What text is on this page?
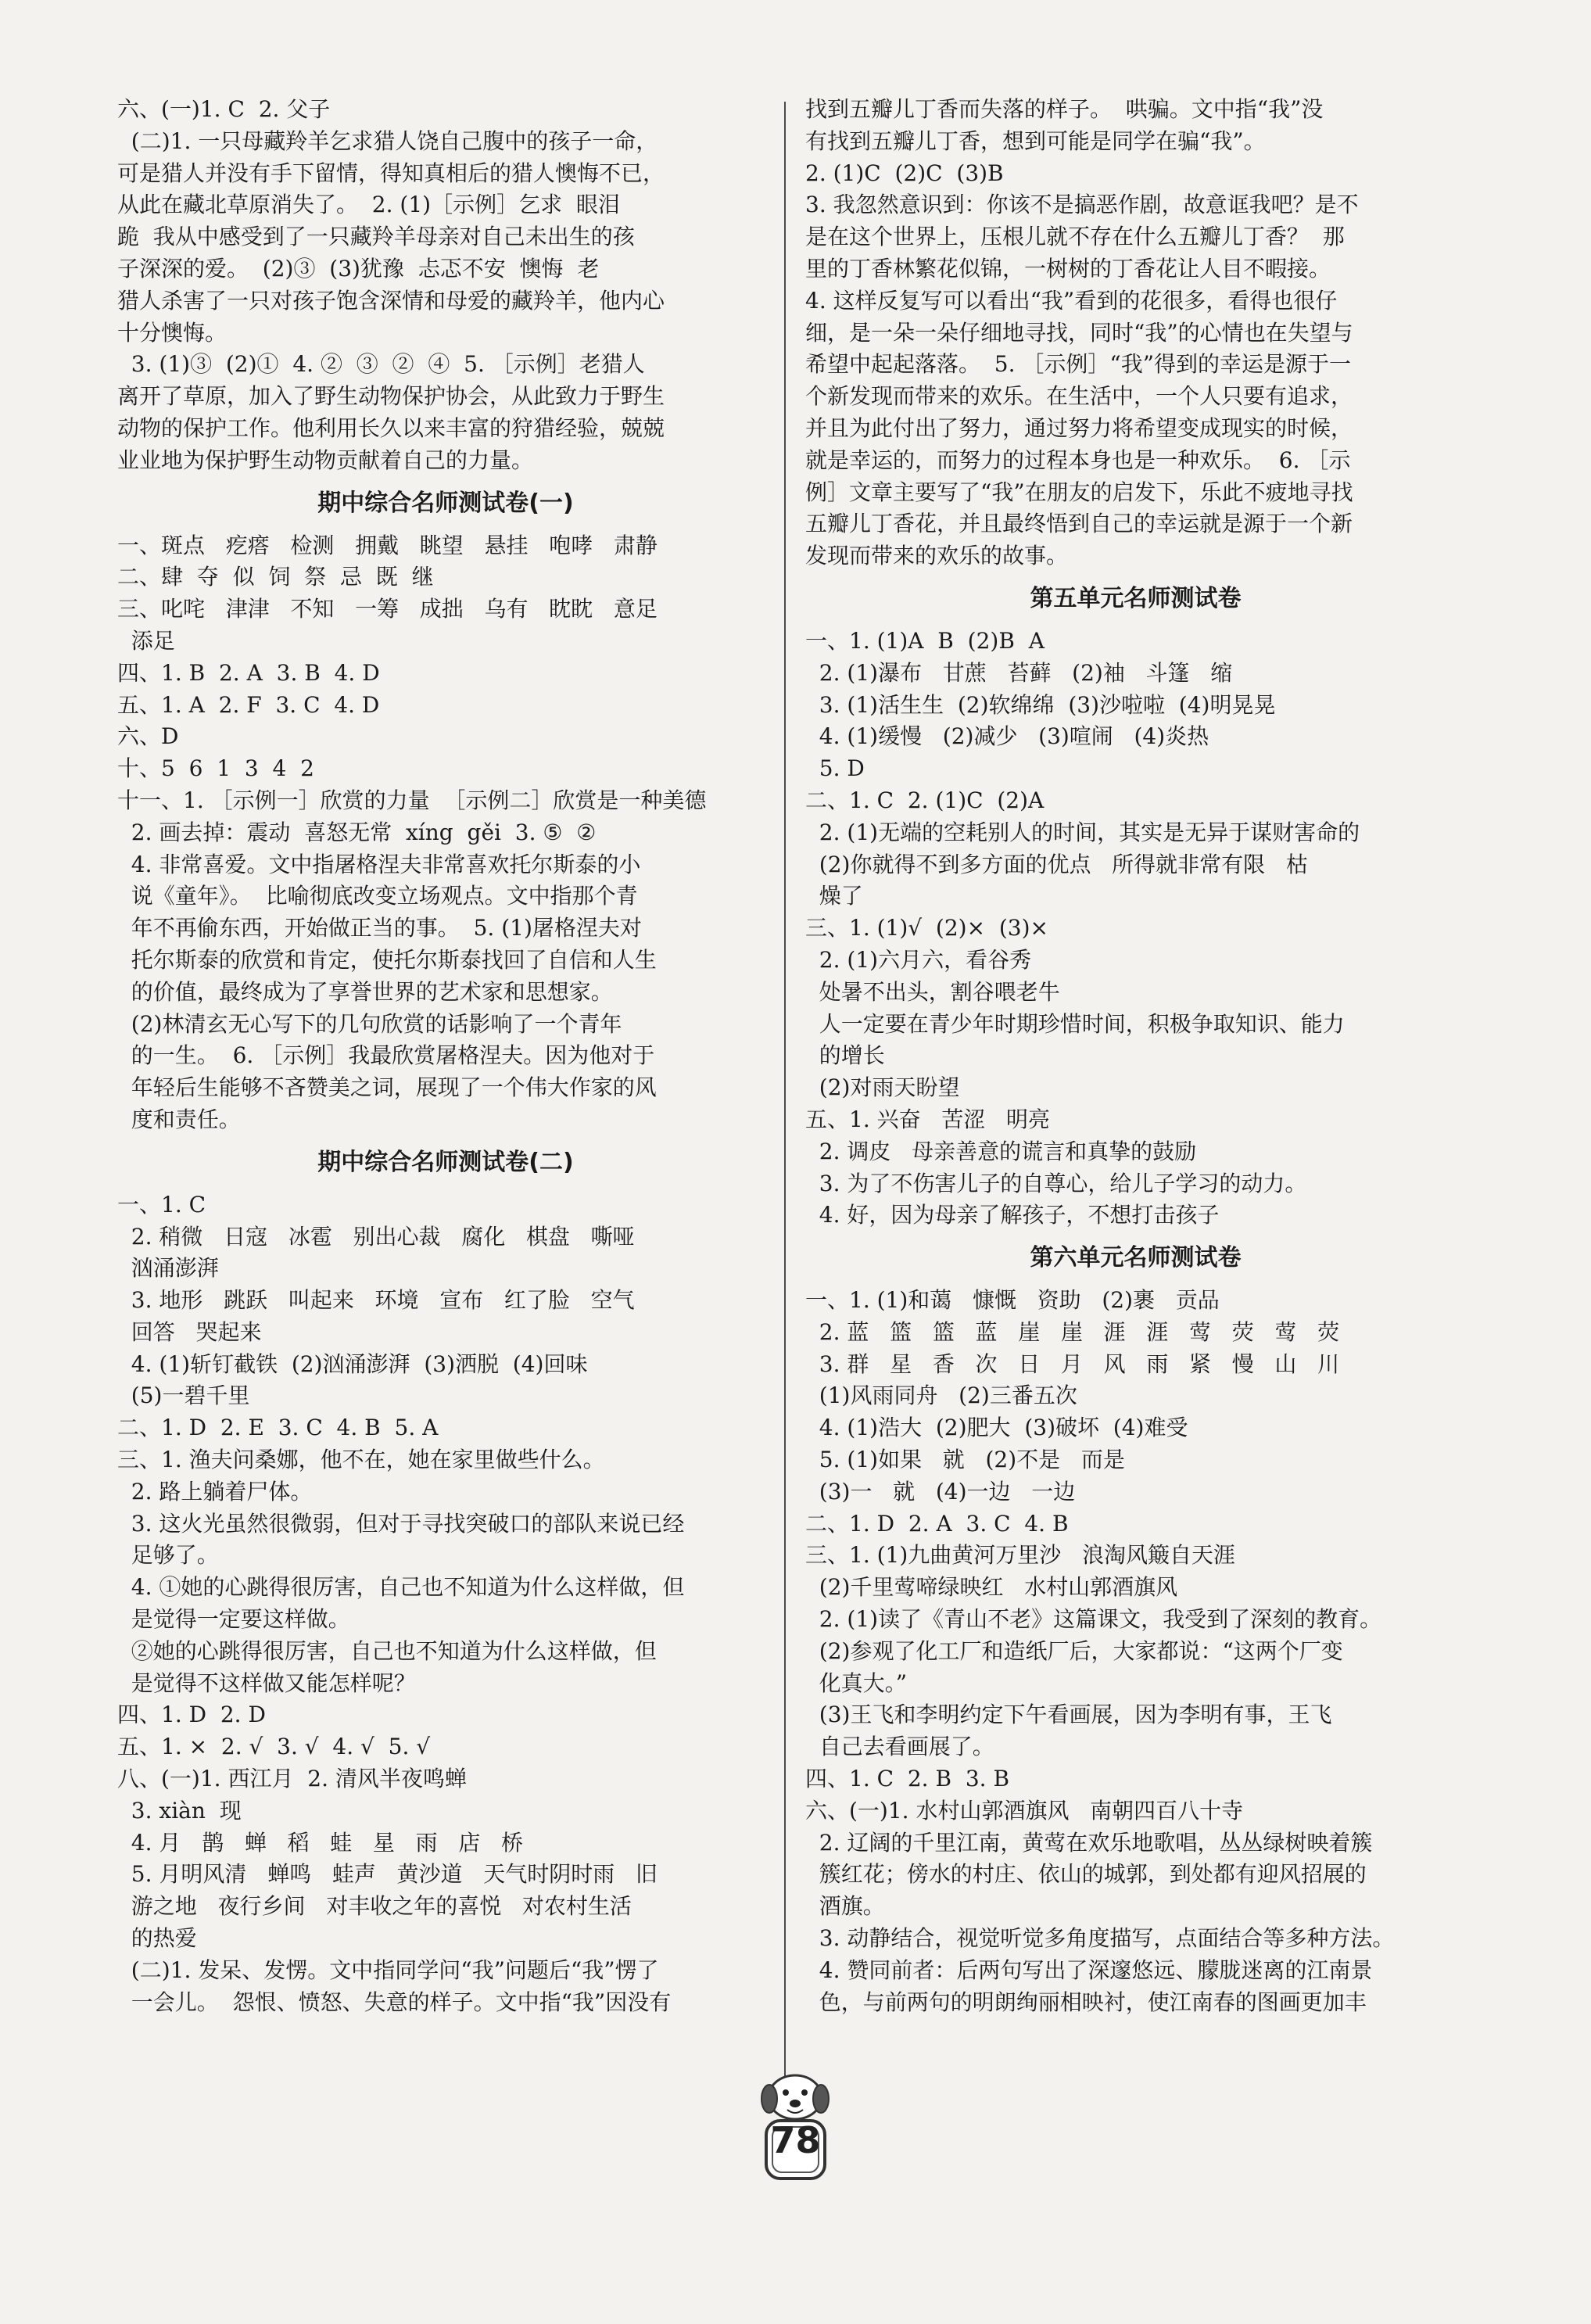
六、(一)1. C  2. 父子
(二)1. 一只母藏羚羊乞求猎人饶自己腹中的孩子一命，
可是猎人并没有手下留情，得知真相后的猎人懊悔不已，
从此在藏北草原消失了。  2. (1)［示例］乞求  眼泪
跪  我从中感受到了一只藏羚羊母亲对自己未出生的孩
子深深的爱。  (2)③  (3)犹豫  忐忑不安  懊悔  老
猎人杀害了一只对孩子饱含深情和母爱的藏羚羊，他内心
十分懊悔。
3. (1)③  (2)①  4. ②  ③  ②  ④  5. ［示例］老猎人
离开了草原，加入了野生动物保护协会，从此致力于野生
动物的保护工作。他利用长久以来丰富的狩猎经验，兢兢
业业地为保护野生动物贡献着自己的力量。
期中综合名师测试卷(一)
一、斑点   疙瘩   检测   拥戴   眺望   悬挂   咆哮   肃静
二、肆  夺  似  饲  祭  忌  既  继
三、叱咤   津津   不知   一筹   成拙   乌有   眈眈   意足
添足
四、1. B  2. A  3. B  4. D
五、1. A  2. F  3. C  4. D
六、D
十、5  6  1  3  4  2
十一、1. ［示例一］欣赏的力量  ［示例二］欣赏是一种美德
2. 画去掉：震动  喜怒无常  xíng  gěi  3. ⑤  ②
4. 非常喜爱。文中指屠格涅夫非常喜欢托尔斯泰的小
说《童年》。  比喻彻底改变立场观点。文中指那个青
年不再偷东西，开始做正当的事。  5. (1)屠格涅夫对
托尔斯泰的欣赏和肯定，使托尔斯泰找回了自信和人生
的价值，最终成为了享誉世界的艺术家和思想家。
(2)林清玄无心写下的几句欣赏的话影响了一个青年
的一生。  6. ［示例］我最欣赏屠格涅夫。因为他对于
年轻后生能够不吝赞美之词，展现了一个伟大作家的风
度和责任。
期中综合名师测试卷(二)
一、1. C
2. 稍微   日寇   冰雹   别出心裁   腐化   棋盘   嘶哑
汹涌澎湃
3. 地形   跳跃   叫起来   环境   宣布   红了脸   空气
回答   哭起来
4. (1)斩钉截铁  (2)汹涌澎湃  (3)洒脱  (4)回味
(5)一碧千里
二、1. D  2. E  3. C  4. B  5. A
三、1. 渔夫问桑娜，他不在，她在家里做些什么。
2. 路上躺着尸体。
3. 这火光虽然很微弱，但对于寻找突破口的部队来说已经
足够了。
4. ①她的心跳得很厉害，自己也不知道为什么这样做，但
是觉得一定要这样做。
②她的心跳得很厉害，自己也不知道为什么这样做，但
是觉得不这样做又能怎样呢？
四、1. D  2. D
五、1. ×  2. √  3. √  4. √  5. √
八、(一)1. 西江月  2. 清风半夜鸣蝉
3. xiàn  现
4. 月   鹊   蝉   稻   蛙   星   雨   店   桥
5. 月明风清   蝉鸣   蛙声   黄沙道   天气时阴时雨   旧
游之地   夜行乡间   对丰收之年的喜悦   对农村生活
的热爱
(二)1. 发呆、发愣。文中指同学问“我”问题后“我”愣了
一会儿。  怨恨、愤怒、失意的样子。文中指“我”因没有
找到五瓣儿丁香而失落的样子。  哄骗。文中指“我”没
有找到五瓣儿丁香，想到可能是同学在骗“我”。
2. (1)C  (2)C  (3)B
3. 我忽然意识到：你该不是搞恶作剧，故意诓我吧？是不
是在这个世界上，压根儿就不存在什么五瓣儿丁香？  那
里的丁香林繁花似锦，一树树的丁香花让人目不暇接。
4. 这样反复写可以看出“我”看到的花很多，看得也很仔
细，是一朵一朵仔细地寻找，同时“我”的心情也在失望与
希望中起起落落。  5. ［示例］“我”得到的幸运是源于一
个新发现而带来的欢乐。在生活中，一个人只要有追求，
并且为此付出了努力，通过努力将希望变成现实的时候，
就是幸运的，而努力的过程本身也是一种欢乐。  6. ［示
例］文章主要写了“我”在朋友的启发下，乐此不疲地寻找
五瓣儿丁香花，并且最终悟到自己的幸运就是源于一个新
发现而带来的欢乐的故事。
第五单元名师测试卷
一、1. (1)A  B  (2)B  A
2. (1)瀑布   甘蔗   苔藓   (2)袖   斗篷   缩
3. (1)活生生  (2)软绵绵  (3)沙啦啦  (4)明晃晃
4. (1)缓慢   (2)减少   (3)喧闹   (4)炎热
5. D
二、1. C  2. (1)C  (2)A
2. (1)无端的空耗别人的时间，其实是无异于谋财害命的
(2)你就得不到多方面的优点   所得就非常有限   枯
燥了
三、1. (1)√  (2)×  (3)×
2. (1)六月六，看谷秀
处暑不出头，割谷喂老牛
人一定要在青少年时期珍惜时间，积极争取知识、能力
的增长
(2)对雨天盼望
五、1. 兴奋   苦涩   明亮
2. 调皮   母亲善意的谎言和真挚的鼓励
3. 为了不伤害儿子的自尊心，给儿子学习的动力。
4. 好，因为母亲了解孩子，不想打击孩子
第六单元名师测试卷
一、1. (1)和蔼   慷慨   资助   (2)裹   贡品
2. 蓝   篮   篮   蓝   崖   崖   涯   涯   莺   荧   莺   荧
3. 群   星   香   次   日   月   风   雨   紧   慢   山   川
(1)风雨同舟   (2)三番五次
4. (1)浩大  (2)肥大  (3)破坏  (4)难受
5. (1)如果   就   (2)不是   而是
(3)一   就   (4)一边   一边
二、1. D  2. A  3. C  4. B
三、1. (1)九曲黄河万里沙   浪淘风簸自天涯
(2)千里莺啼绿映红   水村山郭酒旗风
2. (1)读了《青山不老》这篇课文，我受到了深刻的教育。
(2)参观了化工厂和造纸厂后，大家都说：“这两个厂变
化真大。”
(3)王飞和李明约定下午看画展，因为李明有事，王飞
自己去看画展了。
四、1. C  2. B  3. B
六、(一)1. 水村山郭酒旗风   南朝四百八十寺
2. 辽阔的千里江南，黄莺在欢乐地歌唱，丛丛绿树映着簇
簇红花；傍水的村庄、依山的城郭，到处都有迎风招展的
酒旗。
3. 动静结合，视觉听觉多角度描写，点面结合等多种方法。
4. 赞同前者：后两句写出了深邃悠远、朦胧迷离的江南景
色，与前两句的明朗绚丽相映衬，使江南春的图画更加丰
78
